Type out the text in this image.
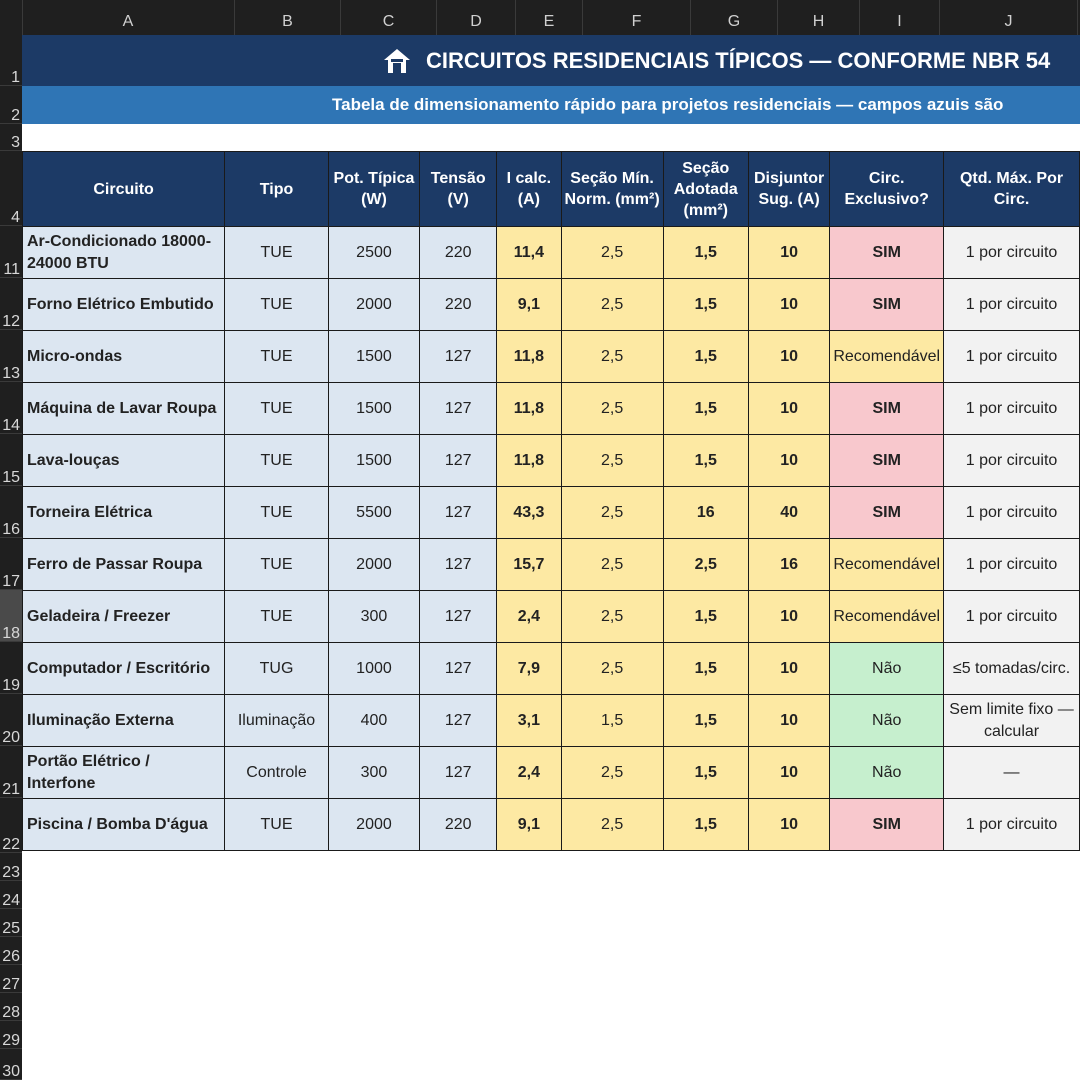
A	B	C	D	E	F	G	H	I	J
1
2
3
4
11
12
13
14
15
16
17
18
19
20
21
22
23
24
25
26
27
28
29
30
CIRCUITOS RESIDENCIAIS TÍPICOS — CONFORME NBR 54
Tabela de dimensionamento rápido para projetos residenciais — campos azuis são
Circuito	Tipo	Pot. Típica (W)	Tensão (V)	I calc. (A)	Seção Mín. Norm. (mm²)	Seção Adotada (mm²)	Disjuntor Sug. (A)	Circ. Exclusivo?	Qtd. Máx. Por Circ.
Ar-Condicionado 18000-24000 BTU	TUE	2500	220	11,4	2,5	1,5	10	SIM	1 por circuito
Forno Elétrico Embutido	TUE	2000	220	9,1	2,5	1,5	10	SIM	1 por circuito
Micro-ondas	TUE	1500	127	11,8	2,5	1,5	10	Recomendável	1 por circuito
Máquina de Lavar Roupa	TUE	1500	127	11,8	2,5	1,5	10	SIM	1 por circuito
Lava-louças	TUE	1500	127	11,8	2,5	1,5	10	SIM	1 por circuito
Torneira Elétrica	TUE	5500	127	43,3	2,5	16	40	SIM	1 por circuito
Ferro de Passar Roupa	TUE	2000	127	15,7	2,5	2,5	16	Recomendável	1 por circuito
Geladeira / Freezer	TUE	300	127	2,4	2,5	1,5	10	Recomendável	1 por circuito
Computador / Escritório	TUG	1000	127	7,9	2,5	1,5	10	Não	≤5 tomadas/circ.
Iluminação Externa	Iluminação	400	127	3,1	1,5	1,5	10	Não	Sem limite fixo — calcular
Portão Elétrico / Interfone	Controle	300	127	2,4	2,5	1,5	10	Não	—
Piscina / Bomba D'água	TUE	2000	220	9,1	2,5	1,5	10	SIM	1 por circuito
